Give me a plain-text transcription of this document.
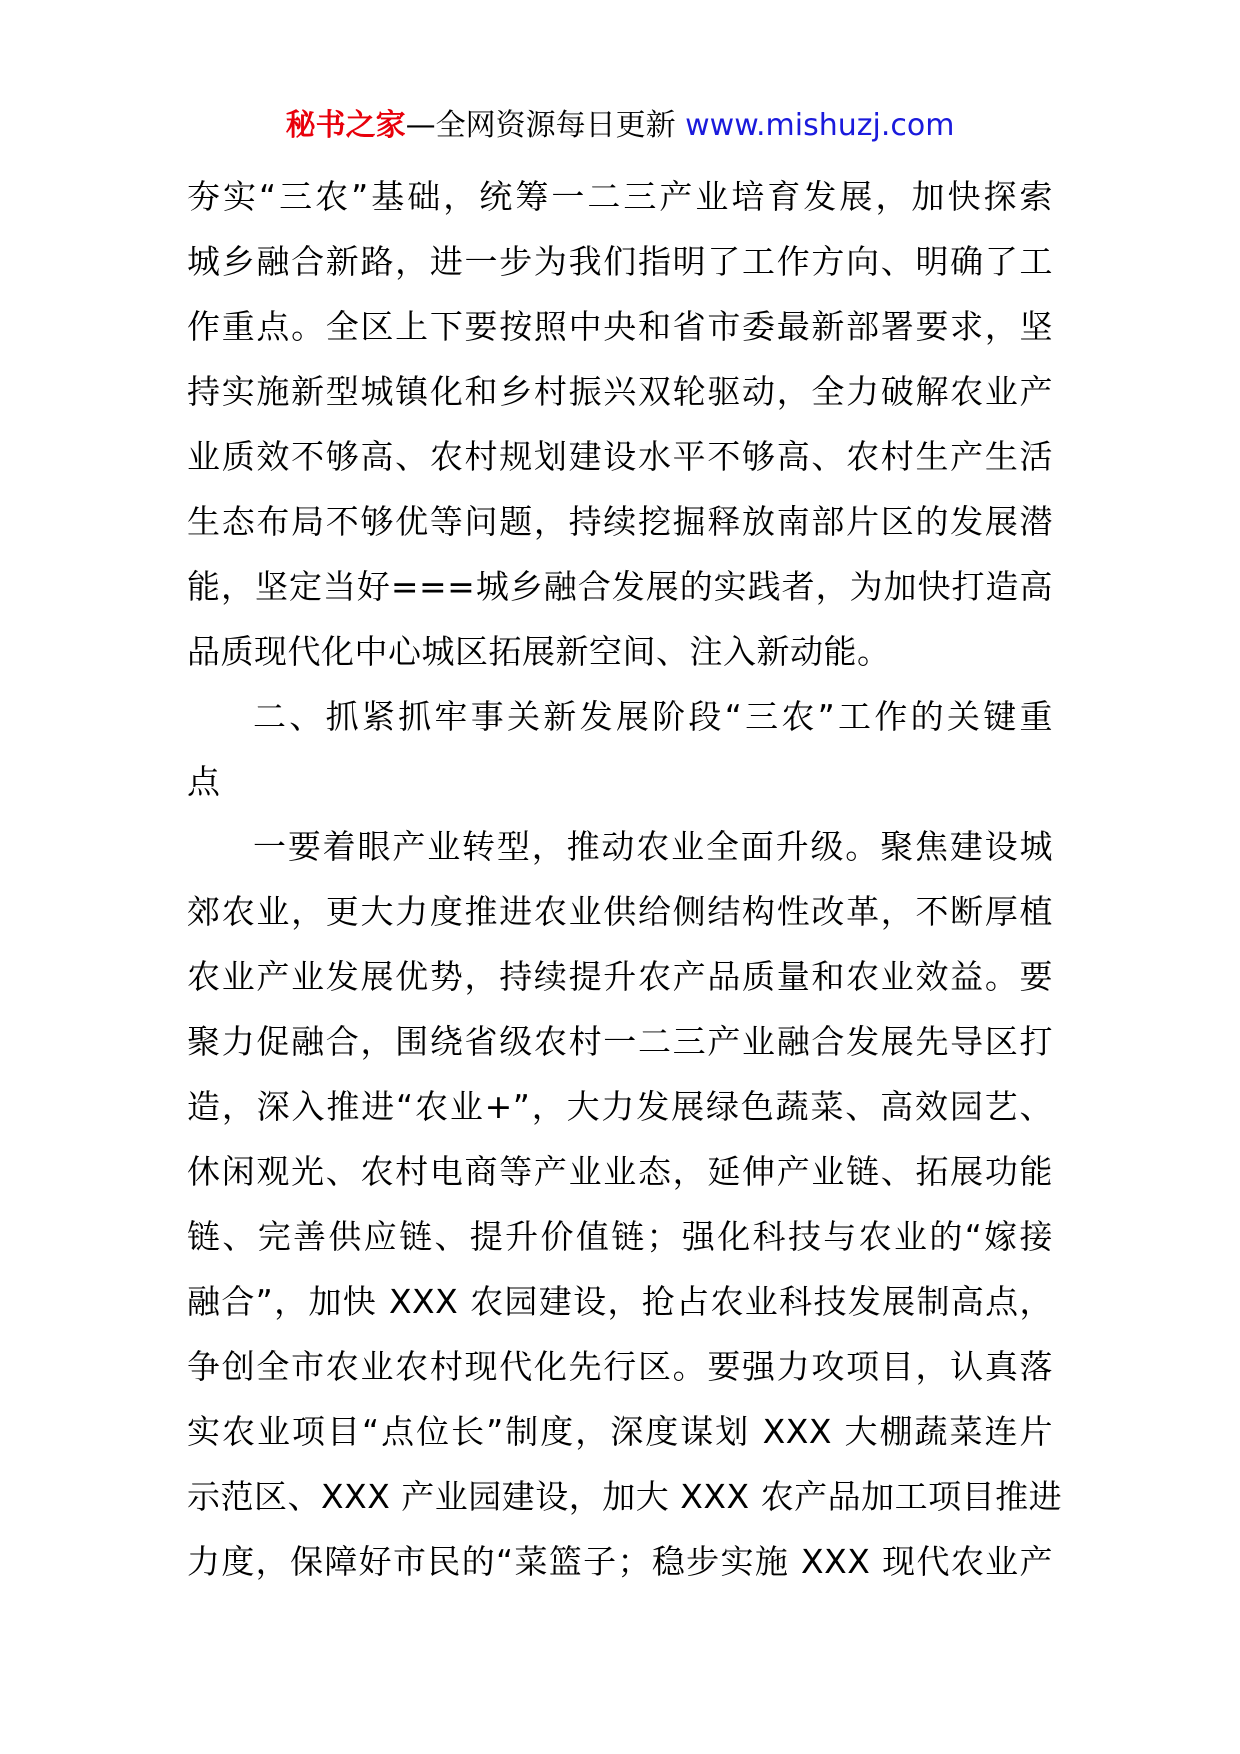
秘书之家—全网资源每日更新 www.mishuzj.com
夯实“三农”基础，统筹一二三产业培育发展，加快探索
城乡融合新路，进一步为我们指明了工作方向、明确了工
作重点。全区上下要按照中央和省市委最新部署要求，坚
持实施新型城镇化和乡村振兴双轮驱动，全力破解农业产
业质效不够高、农村规划建设水平不够高、农村生产生活
生态布局不够优等问题，持续挖掘释放南部片区的发展潜
能，坚定当好===城乡融合发展的实践者，为加快打造高
品质现代化中心城区拓展新空间、注入新动能。
二、抓紧抓牢事关新发展阶段“三农”工作的关键重
点
一要着眼产业转型，推动农业全面升级。聚焦建设城
郊农业，更大力度推进农业供给侧结构性改革，不断厚植
农业产业发展优势，持续提升农产品质量和农业效益。要
聚力促融合，围绕省级农村一二三产业融合发展先导区打
造，深入推进“农业+”，大力发展绿色蔬菜、高效园艺、
休闲观光、农村电商等产业业态，延伸产业链、拓展功能
链、完善供应链、提升价值链；强化科技与农业的“嫁接
融合”，加快 XXX 农园建设，抢占农业科技发展制高点，
争创全市农业农村现代化先行区。要强力攻项目，认真落
实农业项目“点位长”制度，深度谋划 XXX 大棚蔬菜连片
示范区、XXX 产业园建设，加大 XXX 农产品加工项目推进
力度，保障好市民的“菜篮子；稳步实施 XXX 现代农业产
